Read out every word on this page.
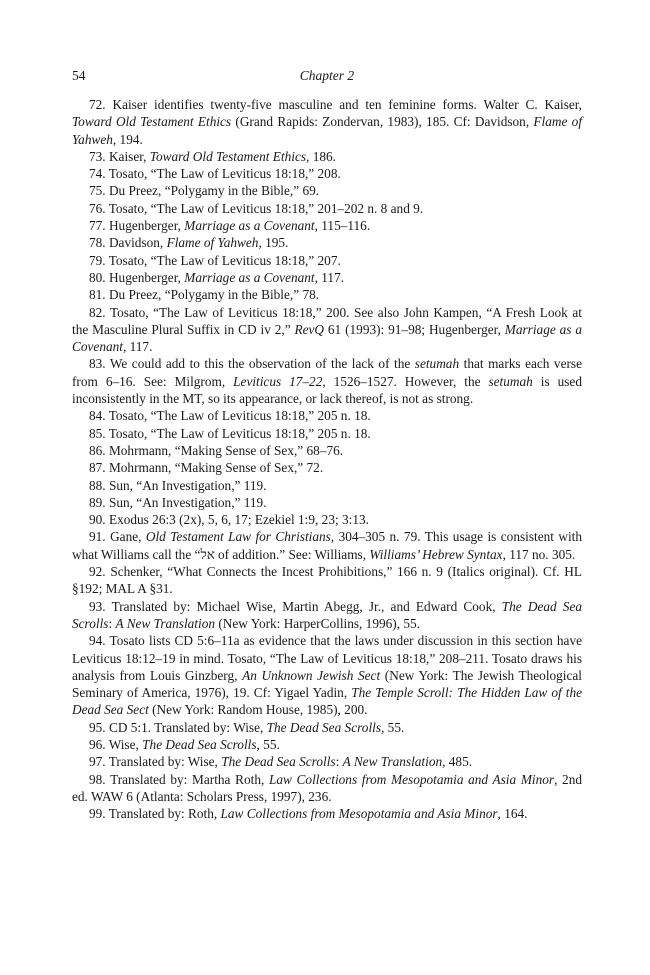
54	Chapter 2

72. Kaiser identifies twenty-five masculine and ten feminine forms. Walter C. Kaiser, Toward Old Testament Ethics (Grand Rapids: Zondervan, 1983), 185. Cf: Davidson, Flame of Yahweh, 194.

73. Kaiser, Toward Old Testament Ethics, 186.

74. Tosato, “The Law of Leviticus 18:18,” 208.

75. Du Preez, “Polygamy in the Bible,” 69.

76. Tosato, “The Law of Leviticus 18:18,” 201–202 n. 8 and 9.

77. Hugenberger, Marriage as a Covenant, 115–116.

78. Davidson, Flame of Yahweh, 195.

79. Tosato, “The Law of Leviticus 18:18,” 207.

80. Hugenberger, Marriage as a Covenant, 117.

81. Du Preez, “Polygamy in the Bible,” 78.

82. Tosato, “The Law of Leviticus 18:18,” 200. See also John Kampen, “A Fresh Look at the Masculine Plural Suffix in CD iv 2,” RevQ 61 (1993): 91–98; Hugenberger, Marriage as a Covenant, 117.

83. We could add to this the observation of the lack of the setumah that marks each verse from 6–16. See: Milgrom, Leviticus 17–22, 1526–1527. However, the setumah is used inconsistently in the MT, so its appearance, or lack thereof, is not as strong.

84. Tosato, “The Law of Leviticus 18:18,” 205 n. 18.

85. Tosato, “The Law of Leviticus 18:18,” 205 n. 18.

86. Mohrmann, “Making Sense of Sex,” 68–76.

87. Mohrmann, “Making Sense of Sex,” 72.

88. Sun, “An Investigation,” 119.

89. Sun, “An Investigation,” 119.

90. Exodus 26:3 (2x), 5, 6, 17; Ezekiel 1:9, 23; 3:13.

91. Gane, Old Testament Law for Christians, 304–305 n. 79. This usage is consistent with what Williams call the “אל of addition.” See: Williams, Williams’ Hebrew Syntax, 117 no. 305.

92. Schenker, “What Connects the Incest Prohibitions,” 166 n. 9 (Italics original). Cf. HL §192; MAL A §31.

93. Translated by: Michael Wise, Martin Abegg, Jr., and Edward Cook, The Dead Sea Scrolls: A New Translation (New York: HarperCollins, 1996), 55.

94. Tosato lists CD 5:6–11a as evidence that the laws under discussion in this section have Leviticus 18:12–19 in mind. Tosato, “The Law of Leviticus 18:18,” 208–211. Tosato draws his analysis from Louis Ginzberg, An Unknown Jewish Sect (New York: The Jewish Theological Seminary of America, 1976), 19. Cf: Yigael Yadin, The Temple Scroll: The Hidden Law of the Dead Sea Sect (New York: Random House, 1985), 200.

95. CD 5:1. Translated by: Wise, The Dead Sea Scrolls, 55.

96. Wise, The Dead Sea Scrolls, 55.

97. Translated by: Wise, The Dead Sea Scrolls: A New Translation, 485.

98. Translated by: Martha Roth, Law Collections from Mesopotamia and Asia Minor, 2nd ed. WAW 6 (Atlanta: Scholars Press, 1997), 236.

99. Translated by: Roth, Law Collections from Mesopotamia and Asia Minor, 164.
